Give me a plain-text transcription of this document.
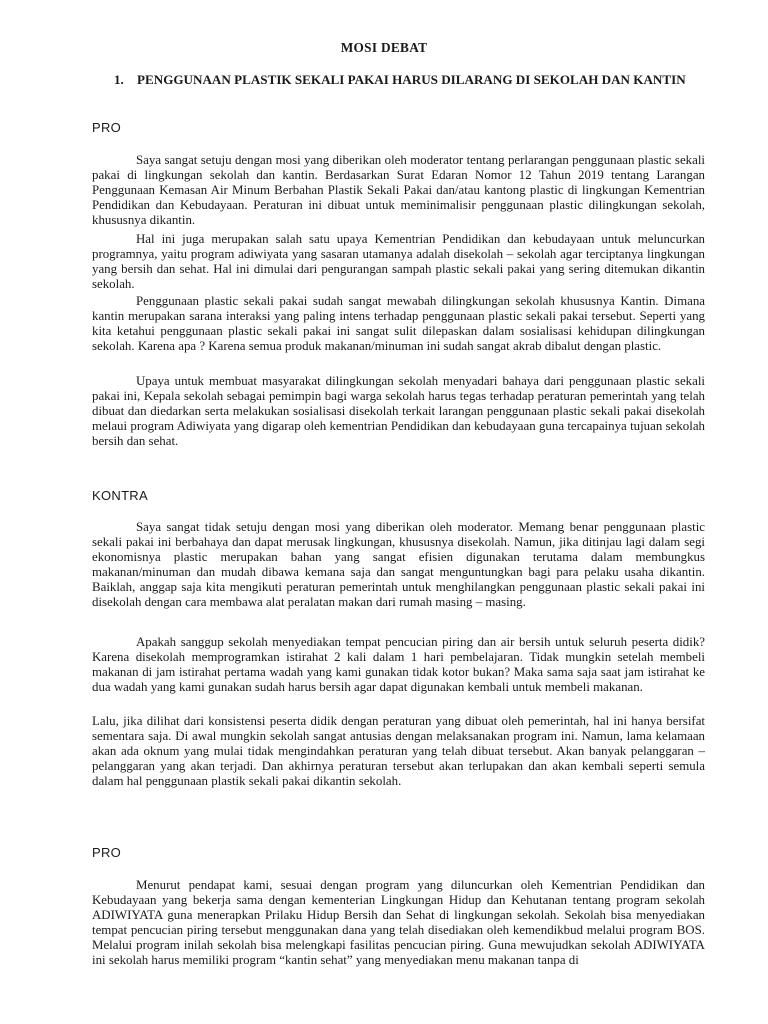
MOSI DEBAT
1. PENGGUNAAN PLASTIK SEKALI PAKAI HARUS DILARANG DI SEKOLAH DAN KANTIN
PRO

Saya sangat setuju dengan mosi yang diberikan oleh moderator tentang perlarangan penggunaan plastic sekali pakai di lingkungan sekolah dan kantin. Berdasarkan Surat Edaran Nomor 12 Tahun 2019 tentang Larangan Penggunaan Kemasan Air Minum Berbahan Plastik Sekali Pakai dan/atau kantong plastic di lingkungan Kementrian Pendidikan dan Kebudayaan. Peraturan ini dibuat untuk meminimalisir penggunaan plastic dilingkungan sekolah, khususnya dikantin.

Hal ini juga merupakan salah satu upaya Kementrian Pendidikan dan kebudayaan untuk meluncurkan programnya, yaitu program adiwiyata yang sasaran utamanya adalah disekolah – sekolah agar terciptanya lingkungan yang bersih dan sehat. Hal ini dimulai dari pengurangan sampah plastic sekali pakai yang sering ditemukan dikantin sekolah.

Penggunaan plastic sekali pakai sudah sangat mewabah dilingkungan sekolah khususnya Kantin. Dimana kantin merupakan sarana interaksi yang paling intens terhadap penggunaan plastic sekali pakai tersebut. Seperti yang kita ketahui penggunaan plastic sekali pakai ini sangat sulit dilepaskan dalam sosialisasi kehidupan dilingkungan sekolah. Karena apa ? Karena semua produk makanan/minuman ini sudah sangat akrab dibalut dengan plastic.

Upaya untuk membuat masyarakat dilingkungan sekolah menyadari bahaya dari penggunaan plastic sekali pakai ini, Kepala sekolah sebagai pemimpin bagi warga sekolah harus tegas terhadap peraturan pemerintah yang telah dibuat dan diedarkan serta melakukan sosialisasi disekolah terkait larangan penggunaan plastic sekali pakai disekolah melaui program Adiwiyata yang digarap oleh kementrian Pendidikan dan kebudayaan guna tercapainya tujuan sekolah bersih dan sehat.

KONTRA

Saya sangat tidak setuju dengan mosi yang diberikan oleh moderator. Memang benar penggunaan plastic sekali pakai ini berbahaya dan dapat merusak lingkungan, khususnya disekolah. Namun, jika ditinjau lagi dalam segi ekonomisnya plastic merupakan bahan yang sangat efisien digunakan terutama dalam membungkus makanan/minuman dan mudah dibawa kemana saja dan sangat menguntungkan bagi para pelaku usaha dikantin. Baiklah, anggap saja kita mengikuti peraturan pemerintah untuk menghilangkan penggunaan plastic sekali pakai ini disekolah dengan cara membawa alat peralatan makan dari rumah masing – masing.

Apakah sanggup sekolah menyediakan tempat pencucian piring dan air bersih untuk seluruh peserta didik? Karena disekolah memprogramkan istirahat 2 kali dalam 1 hari pembelajaran. Tidak mungkin setelah membeli makanan di jam istirahat pertama wadah yang kami gunakan tidak kotor bukan? Maka sama saja saat jam istirahat ke dua wadah yang kami gunakan sudah harus bersih agar dapat digunakan kembali untuk membeli makanan.

Lalu, jika dilihat dari konsistensi peserta didik dengan peraturan yang dibuat oleh pemerintah, hal ini hanya bersifat sementara saja. Di awal mungkin sekolah sangat antusias dengan melaksanakan program ini. Namun, lama kelamaan akan ada oknum yang mulai tidak mengindahkan peraturan yang telah dibuat tersebut. Akan banyak pelanggaran – pelanggaran yang akan terjadi. Dan akhirnya peraturan tersebut akan terlupakan dan akan kembali seperti semula dalam hal penggunaan plastik sekali pakai dikantin sekolah.

PRO

Menurut pendapat kami, sesuai dengan program yang diluncurkan oleh Kementrian Pendidikan dan Kebudayaan yang bekerja sama dengan kementerian Lingkungan Hidup dan Kehutanan tentang program sekolah ADIWIYATA guna menerapkan Prilaku Hidup Bersih dan Sehat di lingkungan sekolah. Sekolah bisa menyediakan tempat pencucian piring tersebut menggunakan dana yang telah disediakan oleh kemendikbud melalui program BOS. Melalui program inilah sekolah bisa melengkapi fasilitas pencucian piring. Guna mewujudkan sekolah ADIWIYATA ini sekolah harus memiliki program “kantin sehat” yang menyediakan menu makanan tanpa di
